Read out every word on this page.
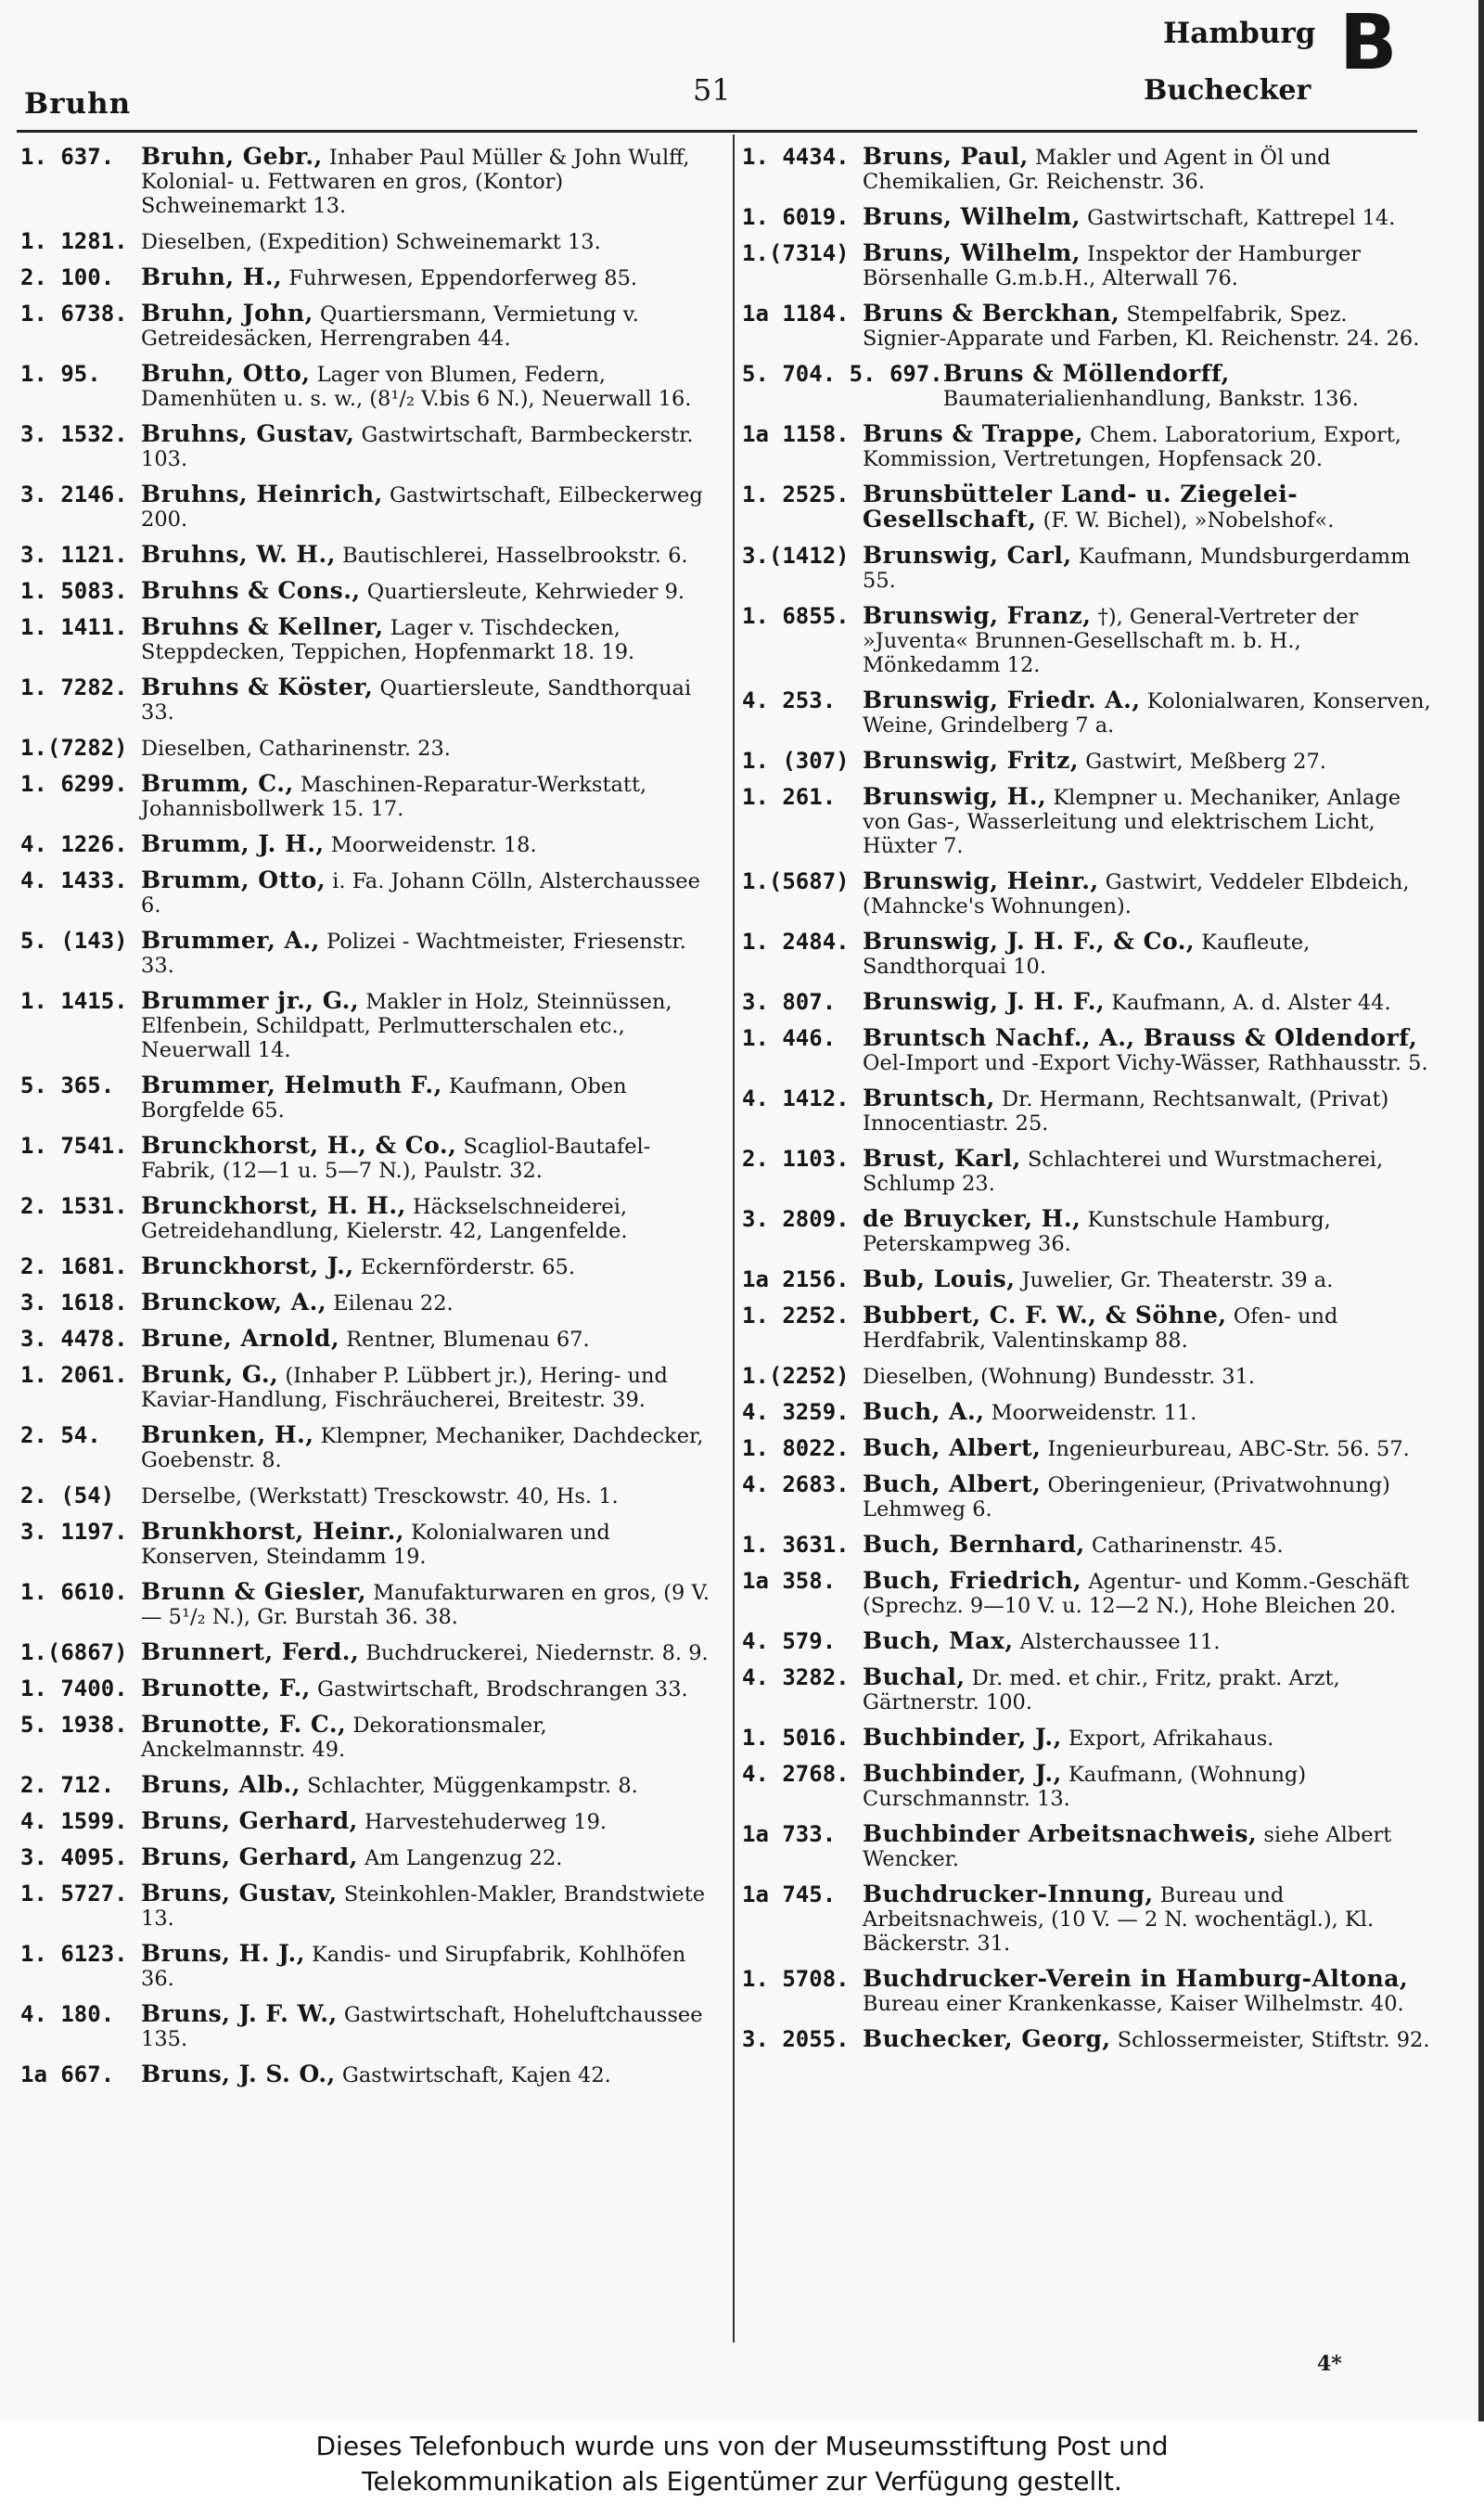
Bruhn	51
Hamburg B
Buchecker
1. 637.	Bruhn, Gebr., Inhaber Paul Müller & John Wulff, Kolonial- u. Fettwaren en gros, (Kontor) Schweinemarkt 13.
1. 1281. Dieselben, (Expedition) Schweinemarkt 13.
2. 100.	Bruhn, H., Fuhrwesen, Eppendorferweg 85.
1. 6738. Bruhn, John, Quartiersmann, Vermietung v. Getreidesäcken, Herrengraben 44.
1. 95.	Bruhn, Otto, Lager von Blumen, Federn, Damenhüten u. s. w., (8¹/₂ V.bis 6 N.), Neuerwall 16.
3. 1532. Bruhns, Gustav, Gastwirtschaft, Barmbeckerstr. 103.
3. 2146. Bruhns, Heinrich, Gastwirtschaft, Eilbeckerweg 200.
3. 1121. Bruhns, W. H., Bautischlerei, Hasselbrookstr. 6.
1. 5083. Bruhns & Cons., Quartiersleute, Kehrwieder 9.
1. 1411. Bruhns & Kellner, Lager v. Tischdecken, Steppdecken, Teppichen, Hopfenmarkt 18. 19.
1. 7282. Bruhns & Köster, Quartiersleute, Sandthorquai 33.
1.(7282) Dieselben, Catharinenstr. 23.
1. 6299. Brumm, C., Maschinen-Reparatur-Werkstatt, Johannisbollwerk 15. 17.
4. 1226. Brumm, J. H., Moorweidenstr. 18.
4. 1433. Brumm, Otto, i. Fa. Johann Cölln, Alsterchaussee 6.
5. (143) Brummer, A., Polizei - Wachtmeister, Friesenstr. 33.
1. 1415. Brummer jr., G., Makler in Holz, Steinnüssen, Elfenbein, Schildpatt, Perlmutterschalen etc., Neuerwall 14.
5. 365.	Brummer, Helmuth F., Kaufmann, Oben Borgfelde 65.
1. 7541. Brunckhorst, H., & Co., Scagliol-Bautafel-Fabrik, (12—1 u. 5—7 N.), Paulstr. 32.
2. 1531. Brunckhorst, H. H., Häckselschneiderei, Getreidehandlung, Kielerstr. 42, Langenfelde.
2. 1681. Brunckhorst, J., Eckernförderstr. 65.
3. 1618. Brunckow, A., Eilenau 22.
3. 4478. Brune, Arnold, Rentner, Blumenau 67.
1. 2061. Brunk, G., (Inhaber P. Lübbert jr.), Hering- und Kaviar-Handlung, Fischräucherei, Breitestr. 39.
2. 54.	Brunken, H., Klempner, Mechaniker, Dachdecker, Goebenstr. 8.
2. (54)	Derselbe, (Werkstatt) Tresckowstr. 40, Hs. 1.
3. 1197. Brunkhorst, Heinr., Kolonialwaren und Konserven, Steindamm 19.
1. 6610. Brunn & Giesler, Manufakturwaren en gros, (9 V. — 5¹/₂ N.), Gr. Burstah 36. 38.
1.(6867) Brunnert, Ferd., Buchdruckerei, Niedernstr. 8. 9.
1. 7400. Brunotte, F., Gastwirtschaft, Brodschrangen 33.
5. 1938. Brunotte, F. C., Dekorationsmaler, Anckelmannstr. 49.
2. 712.	Bruns, Alb., Schlachter, Müggenkampstr. 8.
4. 1599. Bruns, Gerhard, Harvestehuderweg 19.
3. 4095. Bruns, Gerhard, Am Langenzug 22.
1. 5727. Bruns, Gustav, Steinkohlen-Makler, Brandstwiete 13.
1. 6123. Bruns, H. J., Kandis- und Sirupfabrik, Kohlhöfen 36.
4. 180.	Bruns, J. F. W., Gastwirtschaft, Hoheluftchaussee 135.
1a 667.	Bruns, J. S. O., Gastwirtschaft, Kajen 42.
1. 4434. Bruns, Paul, Makler und Agent in Öl und Chemikalien, Gr. Reichenstr. 36.
1. 6019. Bruns, Wilhelm, Gastwirtschaft, Kattrepel 14.
1.(7314) Bruns, Wilhelm, Inspektor der Hamburger Börsenhalle G.m.b.H., Alterwall 76.
1a 1184. Bruns & Berckhan, Stempelfabrik, Spez. Signier-Apparate und Farben, Kl. Reichenstr. 24. 26.
5. 704. 5. 697. Bruns & Möllendorff, Baumaterialienhandlung, Bankstr. 136.
1a 1158. Bruns & Trappe, Chem. Laboratorium, Export, Kommission, Vertretungen, Hopfensack 20.
1. 2525. Brunsbütteler Land- u. Ziegelei-Gesellschaft, (F. W. Bichel), »Nobelshof«.
3.(1412) Brunswig, Carl, Kaufmann, Mundsburgerdamm 55.
1. 6855. Brunswig, Franz, †), General-Vertreter der »Juventa« Brunnen-Gesellschaft m. b. H., Mönkedamm 12.
4. 253.	Brunswig, Friedr. A., Kolonialwaren, Konserven, Weine, Grindelberg 7 a.
1. (307) Brunswig, Fritz, Gastwirt, Meßberg 27.
1. 261.	Brunswig, H., Klempner u. Mechaniker, Anlage von Gas-, Wasserleitung und elektrischem Licht, Hüxter 7.
1.(5687) Brunswig, Heinr., Gastwirt, Veddeler Elbdeich, (Mahncke's Wohnungen).
1. 2484. Brunswig, J. H. F., & Co., Kaufleute, Sandthorquai 10.
3. 807.	Brunswig, J. H. F., Kaufmann, A. d. Alster 44.
1. 446.	Bruntsch Nachf., A., Brauss & Oldendorf, Oel-Import und -Export Vichy-Wässer, Rathhausstr. 5.
4. 1412. Bruntsch, Dr. Hermann, Rechtsanwalt, (Privat) Innocentiastr. 25.
2. 1103. Brust, Karl, Schlachterei und Wurstmacherei, Schlump 23.
3. 2809. de Bruycker, H., Kunstschule Hamburg, Peterskampweg 36.
1a 2156. Bub, Louis, Juwelier, Gr. Theaterstr. 39 a.
1. 2252. Bubbert, C. F. W., & Söhne, Ofen- und Herdfabrik, Valentinskamp 88.
1.(2252) Dieselben, (Wohnung) Bundesstr. 31.
4. 3259. Buch, A., Moorweidenstr. 11.
1. 8022. Buch, Albert, Ingenieurbureau, ABC-Str. 56. 57.
4. 2683. Buch, Albert, Oberingenieur, (Privatwohnung) Lehmweg 6.
1. 3631. Buch, Bernhard, Catharinenstr. 45.
1a 358.	Buch, Friedrich, Agentur- und Komm.-Geschäft (Sprechz. 9—10 V. u. 12—2 N.), Hohe Bleichen 20.
4. 579.	Buch, Max, Alsterchaussee 11.
4. 3282. Buchal, Dr. med. et chir., Fritz, prakt. Arzt, Gärtnerstr. 100.
1. 5016. Buchbinder, J., Export, Afrikahaus.
4. 2768. Buchbinder, J., Kaufmann, (Wohnung) Curschmannstr. 13.
1a 733.	Buchbinder Arbeitsnachweis, siehe Albert Wencker.
1a 745.	Buchdrucker-Innung, Bureau und Arbeitsnachweis, (10 V. — 2 N. wochentägl.), Kl. Bäckerstr. 31.
1. 5708. Buchdrucker-Verein in Hamburg-Altona, Bureau einer Krankenkasse, Kaiser Wilhelmstr. 40.
3. 2055. Buchecker, Georg, Schlossermeister, Stiftstr. 92.
4*
Dieses Telefonbuch wurde uns von der Museumsstiftung Post und
Telekommunikation als Eigentümer zur Verfügung gestellt.
